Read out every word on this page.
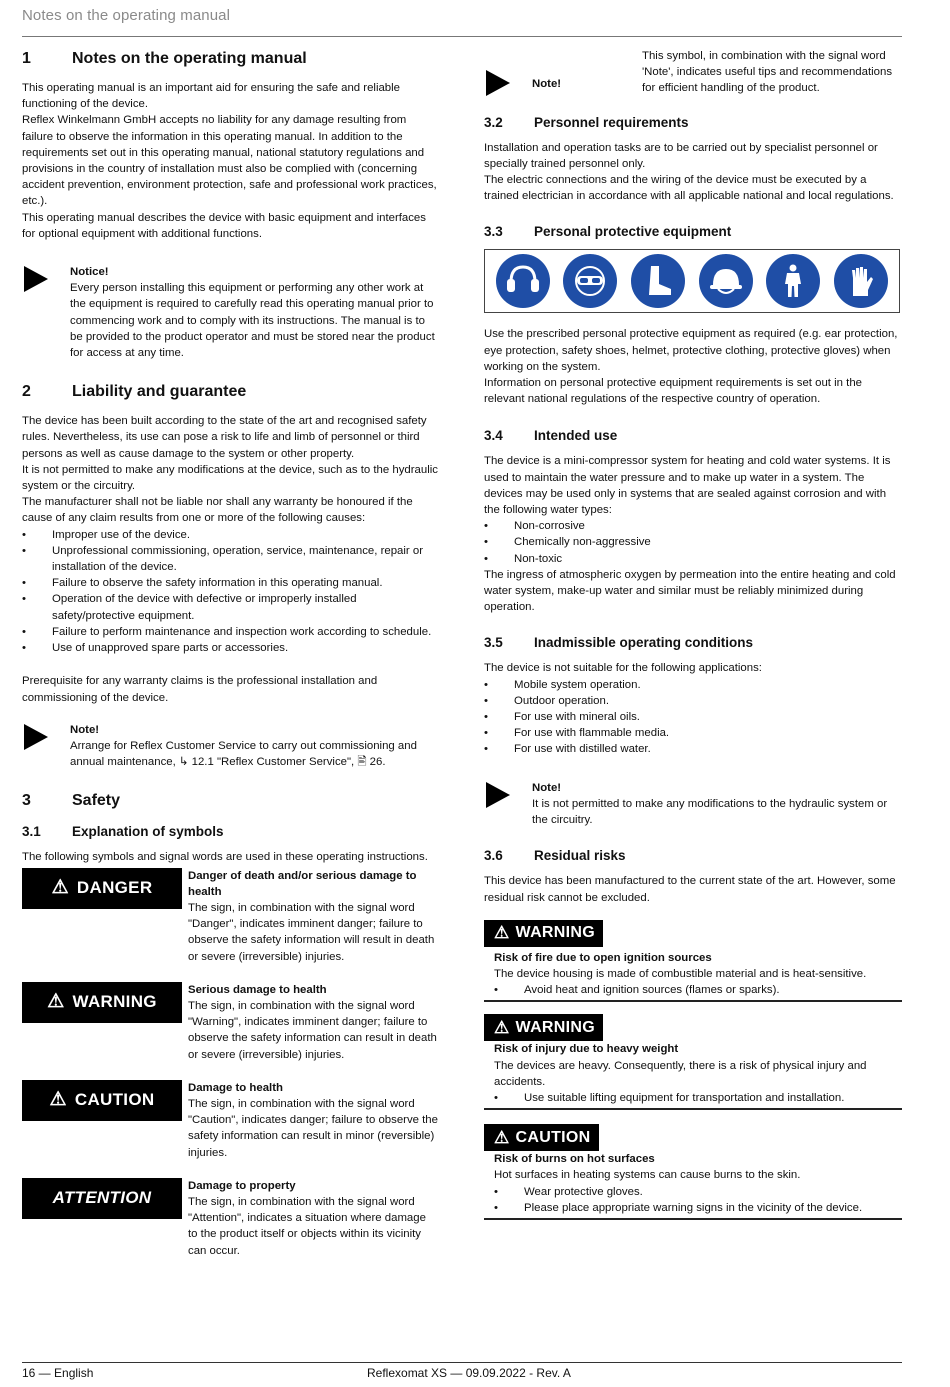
Notes on the operating manual
1	Notes on the operating manual

This operating manual is an important aid for ensuring the safe and reliable functioning of the device.

Reflex Winkelmann GmbH accepts no liability for any damage resulting from failure to observe the information in this operating manual. In addition to the requirements set out in this operating manual, national statutory regulations and provisions in the country of installation must also be complied with (concerning accident prevention, environment protection, safe and professional work practices, etc.).

This operating manual describes the device with basic equipment and interfaces for optional equipment with additional functions.

Notice!

Every person installing this equipment or performing any other work at the equipment is required to carefully read this operating manual prior to commencing work and to comply with its instructions. The manual is to be provided to the product operator and must be stored near the product for access at any time.

2	Liability and guarantee

The device has been built according to the state of the art and recognised safety rules. Nevertheless, its use can pose a risk to life and limb of personnel or third persons as well as cause damage to the system or other property.

It is not permitted to make any modifications at the device, such as to the hydraulic system or the circuitry.

The manufacturer shall not be liable nor shall any warranty be honoured if the cause of any claim results from one or more of the following causes:

• Improper use of the device.
• Unprofessional commissioning, operation, service, maintenance, repair or installation of the device.
• Failure to observe the safety information in this operating manual.
• Operation of the device with defective or improperly installed safety/protective equipment.
• Failure to perform maintenance and inspection work according to schedule.
• Use of unapproved spare parts or accessories.

Prerequisite for any warranty claims is the professional installation and commissioning of the device.

Note!

Arrange for Reflex Customer Service to carry out commissioning and annual maintenance, ↳ 12.1 "Reflex Customer Service", 🖹 26.

3	Safety
3.1	Explanation of symbols

The following symbols and signal words are used in these operating instructions.

⚠ DANGER
Danger of death and/or serious damage to health

The sign, in combination with the signal word "Danger", indicates imminent danger; failure to observe the safety information will result in death or severe (irreversible) injuries.

⚠ WARNING
Serious damage to health

The sign, in combination with the signal word "Warning", indicates imminent danger; failure to observe the safety information can result in death or severe (irreversible) injuries.

⚠ CAUTION
Damage to health

The sign, in combination with the signal word "Caution", indicates danger; failure to observe the safety information can result in minor (reversible) injuries.

ATTENTION
Damage to property

The sign, in combination with the signal word "Attention", indicates a situation where damage to the product itself or objects within its vicinity can occur.

Note!

This symbol, in combination with the signal word 'Note', indicates useful tips and recommendations for efficient handling of the product.

3.2	Personnel requirements

Installation and operation tasks are to be carried out by specialist personnel or specially trained personnel only.

The electric connections and the wiring of the device must be executed by a trained electrician in accordance with all applicable national and local regulations.

3.3	Personal protective equipment

Use the prescribed personal protective equipment as required (e.g. ear protection, eye protection, safety shoes, helmet, protective clothing, protective gloves) when working on the system.

Information on personal protective equipment requirements is set out in the relevant national regulations of the respective country of operation.

3.4	Intended use

The device is a mini-compressor system for heating and cold water systems. It is used to maintain the water pressure and to make up water in a system. The devices may be used only in systems that are sealed against corrosion and with the following water types:

• Non-corrosive
• Chemically non-aggressive
• Non-toxic

The ingress of atmospheric oxygen by permeation into the entire heating and cold water system, make-up water and similar must be reliably minimized during operation.

3.5	Inadmissible operating conditions

The device is not suitable for the following applications:

• Mobile system operation.
• Outdoor operation.
• For use with mineral oils.
• For use with flammable media.
• For use with distilled water.
Note!

It is not permitted to make any modifications to the hydraulic system or the circuitry.

3.6	Residual risks

This device has been manufactured to the current state of the art. However, some residual risk cannot be excluded.

⚠ WARNING
Risk of fire due to open ignition sources

The device housing is made of combustible material and is heat-sensitive.

• Avoid heat and ignition sources (flames or sparks).
⚠ WARNING
Risk of injury due to heavy weight

The devices are heavy. Consequently, there is a risk of physical injury and accidents.

• Use suitable lifting equipment for transportation and installation.
⚠ CAUTION
Risk of burns on hot surfaces

Hot surfaces in heating systems can cause burns to the skin.

• Wear protective gloves.
• Please place appropriate warning signs in the vicinity of the device.
16 — English	Reflexomat XS — 09.09.2022 - Rev. A
